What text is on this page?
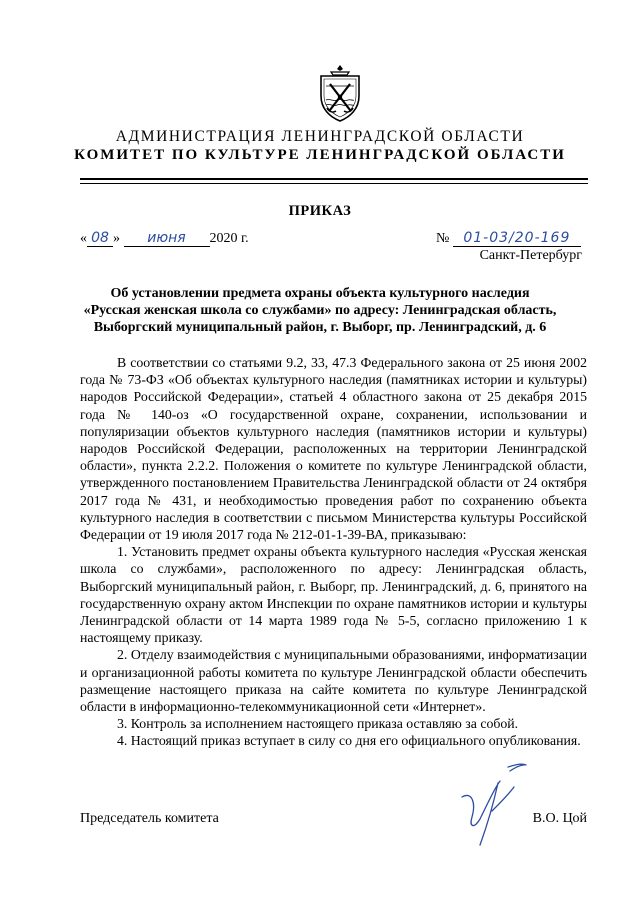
АДМИНИСТРАЦИЯ ЛЕНИНГРАДСКОЙ ОБЛАСТИ
КОМИТЕТ ПО КУЛЬТУРЕ ЛЕНИНГРАДСКОЙ ОБЛАСТИ
ПРИКАЗ
« 08 » июня 2020 г.	№ 01-03/20-169
Санкт-Петербург
Об установлении предмета охраны объекта культурного наследия
«Русская женская школа со службами» по адресу: Ленинградская область,
Выборгский муниципальный район, г. Выборг, пр. Ленинградский, д. 6

В соответствии со статьями 9.2, 33, 47.3 Федерального закона от 25 июня 2002 года № 73-ФЗ «Об объектах культурного наследия (памятниках истории и культуры) народов Российской Федерации», статьей 4 областного закона от 25 декабря 2015 года № 140-оз «О государственной охране, сохранении, использовании и популяризации объектов культурного наследия (памятников истории и культуры) народов Российской Федерации, расположенных на территории Ленинградской области», пункта 2.2.2. Положения о комитете по культуре Ленинградской области, утвержденного постановлением Правительства Ленинградской области от 24 октября 2017 года № 431, и необходимостью проведения работ по сохранению объекта культурного наследия в соответствии с письмом Министерства культуры Российской Федерации от 19 июля 2017 года № 212-01-1-39-ВА, приказываю:

1. Установить предмет охраны объекта культурного наследия «Русская женская школа со службами», расположенного по адресу: Ленинградская область, Выборгский муниципальный район, г. Выборг, пр. Ленинградский, д. 6, принятого на государственную охрану актом Инспекции по охране памятников истории и культуры Ленинградской области от 14 марта 1989 года № 5-5, согласно приложению 1 к настоящему приказу.

2. Отделу взаимодействия с муниципальными образованиями, информатизации и организационной работы комитета по культуре Ленинградской области обеспечить размещение настоящего приказа на сайте комитета по культуре Ленинградской области в информационно-телекоммуникационной сети «Интернет».

3. Контроль за исполнением настоящего приказа оставляю за собой.

4. Настоящий приказ вступает в силу со дня его официального опубликования.

Председатель комитета	В.О. Цой
